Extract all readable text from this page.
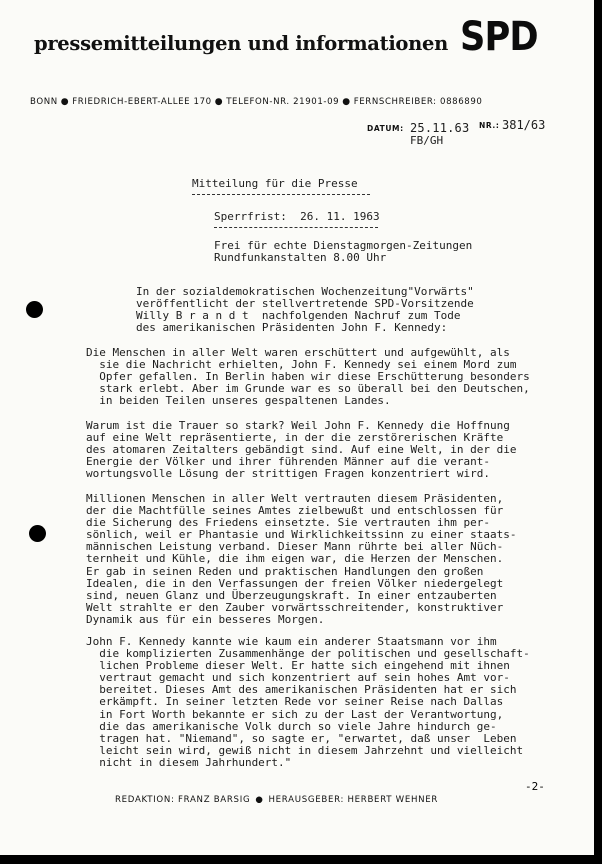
pressemitteilungen und informationen SPD
BONN ● FRIEDRICH-EBERT-ALLEE 170 ● TELEFON-NR. 21901-09 ● FERNSCHREIBER: 0886890
DATUM: 25.11.63 NR.: 381/63
FB/GH
Mitteilung für die Presse
Sperrfrist:  26. 11. 1963
Frei für echte Dienstagmorgen-Zeitungen
Rundfunkanstalten 8.00 Uhr
In der sozialdemokratischen Wochenzeitung"Vorwärts"
veröffentlicht der stellvertretende SPD-Vorsitzende
Willy B r a n d t  nachfolgenden Nachruf zum Tode
des amerikanischen Präsidenten John F. Kennedy:
Die Menschen in aller Welt waren erschüttert und aufgewühlt, als
sie die Nachricht erhielten, John F. Kennedy sei einem Mord zum
Opfer gefallen. In Berlin haben wir diese Erschütterung besonders
stark erlebt. Aber im Grunde war es so überall bei den Deutschen,
in beiden Teilen unseres gespaltenen Landes.
Warum ist die Trauer so stark? Weil John F. Kennedy die Hoffnung
auf eine Welt repräsentierte, in der die zerstörerischen Kräfte
des atomaren Zeitalters gebändigt sind. Auf eine Welt, in der die
Energie der Völker und ihrer führenden Männer auf die verant-
wortungsvolle Lösung der strittigen Fragen konzentriert wird.
Millionen Menschen in aller Welt vertrauten diesem Präsidenten,
der die Machtfülle seines Amtes zielbewußt und entschlossen für
die Sicherung des Friedens einsetzte. Sie vertrauten ihm per-
sönlich, weil er Phantasie und Wirklichkeitssinn zu einer staats-
männischen Leistung verband. Dieser Mann rührte bei aller Nüch-
ternheit und Kühle, die ihm eigen war, die Herzen der Menschen.
Er gab in seinen Reden und praktischen Handlungen den großen
Idealen, die in den Verfassungen der freien Völker niedergelegt
sind, neuen Glanz und Überzeugungskraft. In einer entzauberten
Welt strahlte er den Zauber vorwärtsschreitender, konstruktiver
Dynamik aus für ein besseres Morgen.
John F. Kennedy kannte wie kaum ein anderer Staatsmann vor ihm
die komplizierten Zusammenhänge der politischen und gesellschaft-
lichen Probleme dieser Welt. Er hatte sich eingehend mit ihnen
vertraut gemacht und sich konzentriert auf sein hohes Amt vor-
bereitet. Dieses Amt des amerikanischen Präsidenten hat er sich
erkämpft. In seiner letzten Rede vor seiner Reise nach Dallas
in Fort Worth bekannte er sich zu der Last der Verantwortung,
die das amerikanische Volk durch so viele Jahre hindurch ge-
tragen hat. "Niemand", so sagte er, "erwartet, daß unser  Leben
leicht sein wird, gewiß nicht in diesem Jahrzehnt und vielleicht
nicht in diesem Jahrhundert."
-2-
REDAKTION: FRANZ BARSIG ● HERAUSGEBER: HERBERT WEHNER
